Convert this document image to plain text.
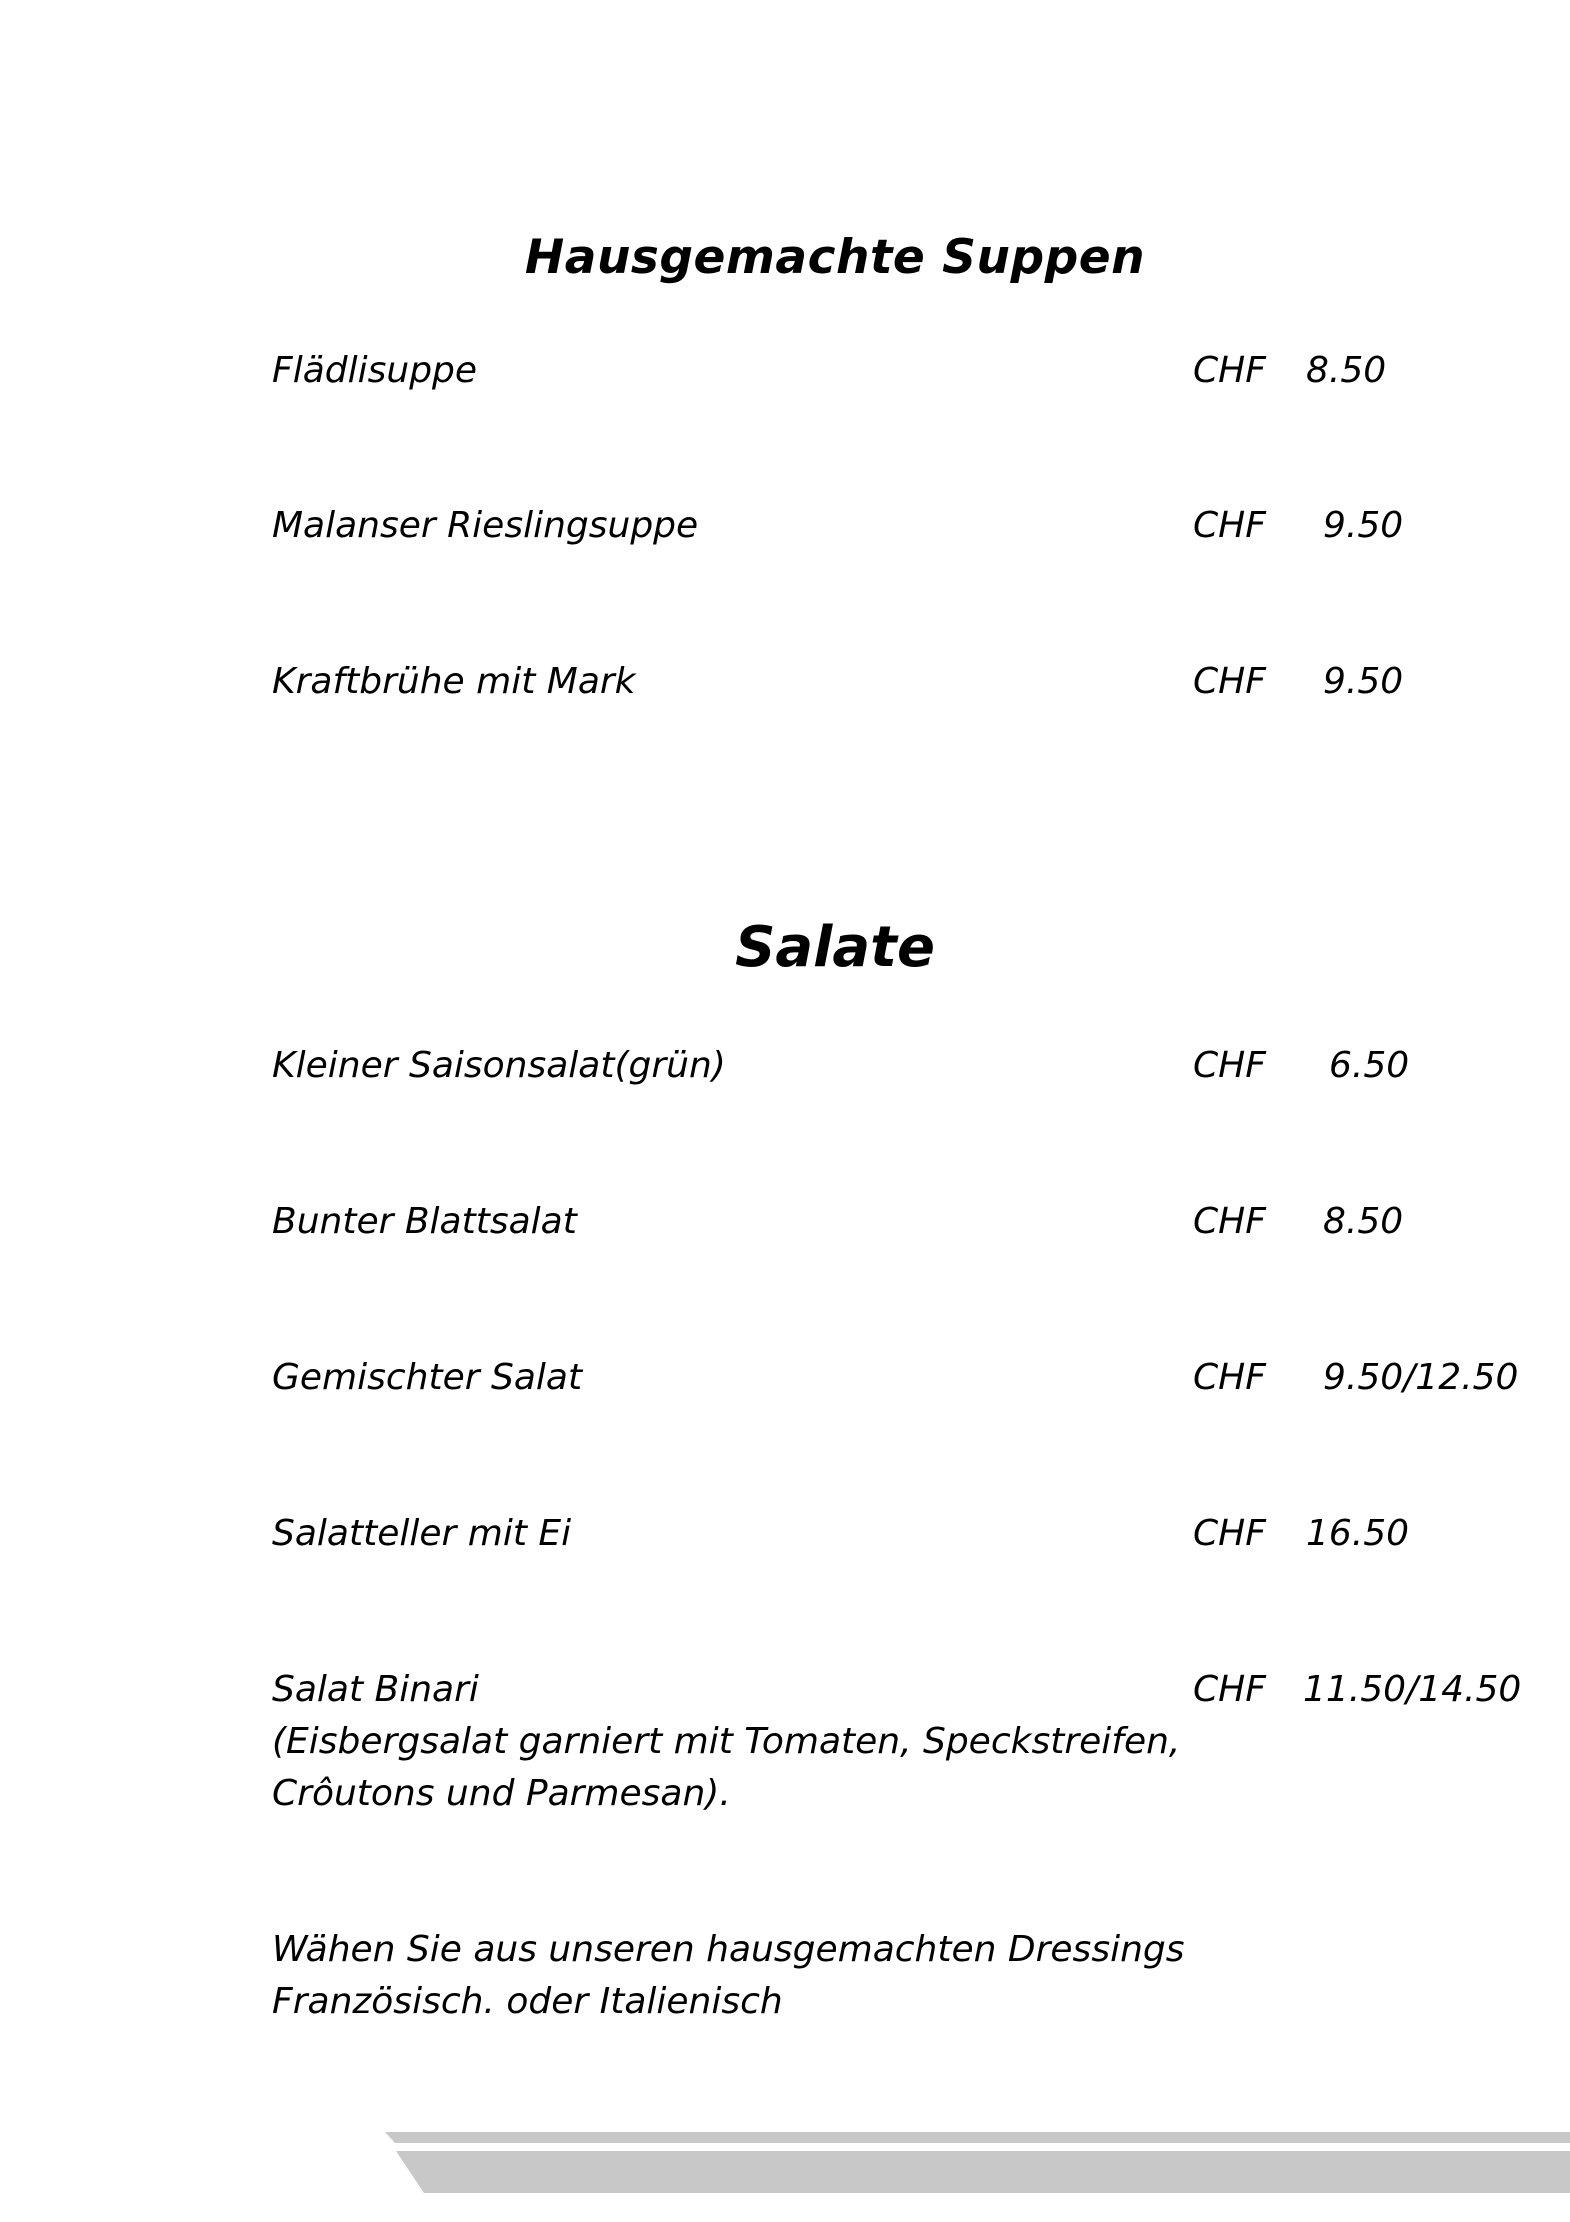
Hausgemachte Suppen
Flädlisuppe	CHF 8.50
Malanser Rieslingsuppe	CHF 9.50
Kraftbrühe mit Mark	CHF 9.50
Salate
Kleiner Saisonsalat(grün)	CHF 6.50
Bunter Blattsalat	CHF 8.50
Gemischter Salat	CHF 9.50/12.50
Salatteller mit Ei	CHF 16.50
Salat Binari	CHF 11.50/14.50
(Eisbergsalat garniert mit Tomaten, Speckstreifen,
Crôutons und Parmesan).
Wähen Sie aus unseren hausgemachten Dressings
Französisch. oder Italienisch
